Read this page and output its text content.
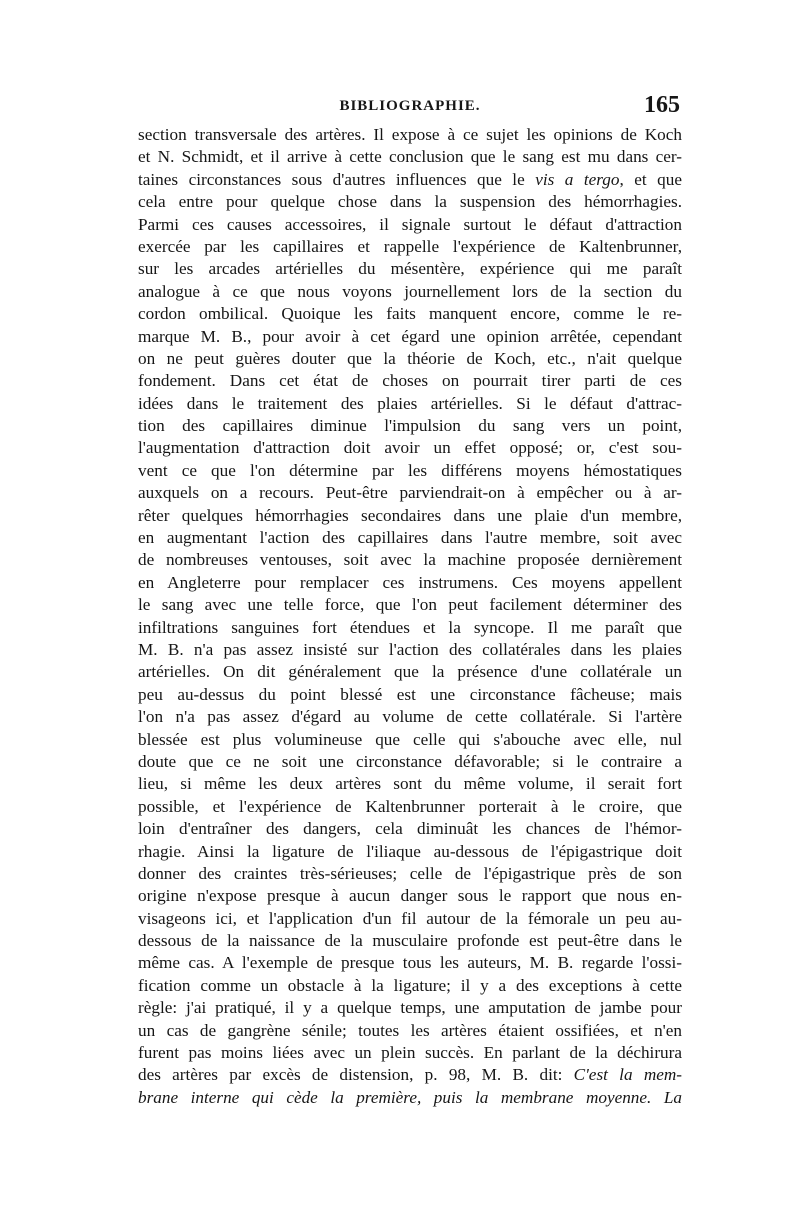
BIBLIOGRAPHIE.	165
section transversale des artères. Il expose à ce sujet les opinions de Koch
et N. Schmidt, et il arrive à cette conclusion que le sang est mu dans cer-
taines circonstances sous d'autres influences que le vis a tergo, et que
cela entre pour quelque chose dans la suspension des hémorrhagies.
Parmi ces causes accessoires, il signale surtout le défaut d'attraction
exercée par les capillaires et rappelle l'expérience de Kaltenbrunner,
sur les arcades artérielles du mésentère, expérience qui me paraît
analogue à ce que nous voyons journellement lors de la section du
cordon ombilical. Quoique les faits manquent encore, comme le re-
marque M. B., pour avoir à cet égard une opinion arrêtée, cependant
on ne peut guères douter que la théorie de Koch, etc., n'ait quelque
fondement. Dans cet état de choses on pourrait tirer parti de ces
idées dans le traitement des plaies artérielles. Si le défaut d'attrac-
tion des capillaires diminue l'impulsion du sang vers un point,
l'augmentation d'attraction doit avoir un effet opposé; or, c'est sou-
vent ce que l'on détermine par les différens moyens hémostatiques
auxquels on a recours. Peut-être parviendrait-on à empêcher ou à ar-
rêter quelques hémorrhagies secondaires dans une plaie d'un membre,
en augmentant l'action des capillaires dans l'autre membre, soit avec
de nombreuses ventouses, soit avec la machine proposée dernièrement
en Angleterre pour remplacer ces instrumens. Ces moyens appellent
le sang avec une telle force, que l'on peut facilement déterminer des
infiltrations sanguines fort étendues et la syncope. Il me paraît que
M. B. n'a pas assez insisté sur l'action des collatérales dans les plaies
artérielles. On dit généralement que la présence d'une collatérale un
peu au-dessus du point blessé est une circonstance fâcheuse; mais
l'on n'a pas assez d'égard au volume de cette collatérale. Si l'artère
blessée est plus volumineuse que celle qui s'abouche avec elle, nul
doute que ce ne soit une circonstance défavorable; si le contraire a
lieu, si même les deux artères sont du même volume, il serait fort
possible, et l'expérience de Kaltenbrunner porterait à le croire, que
loin d'entraîner des dangers, cela diminuât les chances de l'hémor-
rhagie. Ainsi la ligature de l'iliaque au-dessous de l'épigastrique doit
donner des craintes très-sérieuses; celle de l'épigastrique près de son
origine n'expose presque à aucun danger sous le rapport que nous en-
visageons ici, et l'application d'un fil autour de la fémorale un peu au-
dessous de la naissance de la musculaire profonde est peut-être dans le
même cas. A l'exemple de presque tous les auteurs, M. B. regarde l'ossi-
fication comme un obstacle à la ligature; il y a des exceptions à cette
règle: j'ai pratiqué, il y a quelque temps, une amputation de jambe pour
un cas de gangrène sénile; toutes les artères étaient ossifiées, et n'en
furent pas moins liées avec un plein succès. En parlant de la déchirura
des artères par excès de distension, p. 98, M. B. dit: C'est la mem-
brane interne qui cède la première, puis la membrane moyenne. La
